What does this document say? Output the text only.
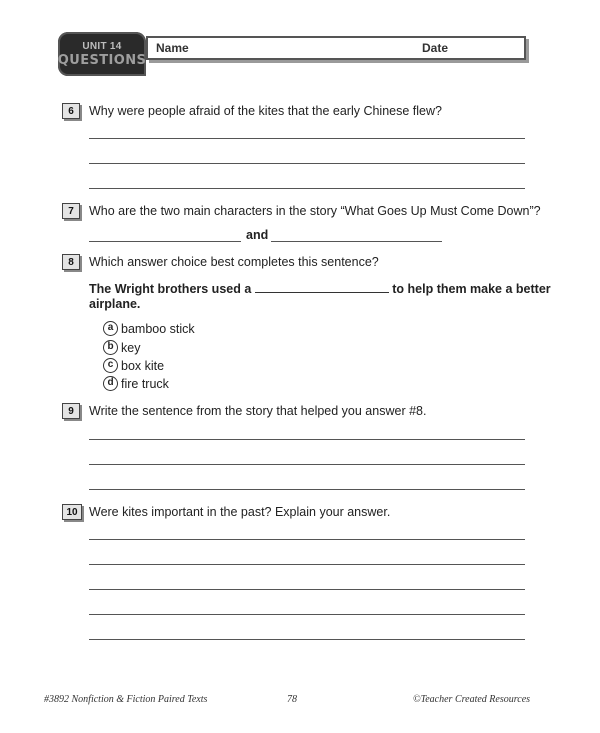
UNIT 14
QUESTIONS
Name	Date
6	Why were people afraid of the kites that the early Chinese flew?
7	Who are the two main characters in the story “What Goes Up Must Come Down”?
and
8	Which answer choice best completes this sentence?
The Wright brothers used a	to help them make a better
airplane.
a bamboo stick
b key
c box kite
d fire truck
9	Write the sentence from the story that helped you answer #8.
10 Were kites important in the past? Explain your answer.
#3892 Nonfiction & Fiction Paired Texts	78	©Teacher Created Resources
